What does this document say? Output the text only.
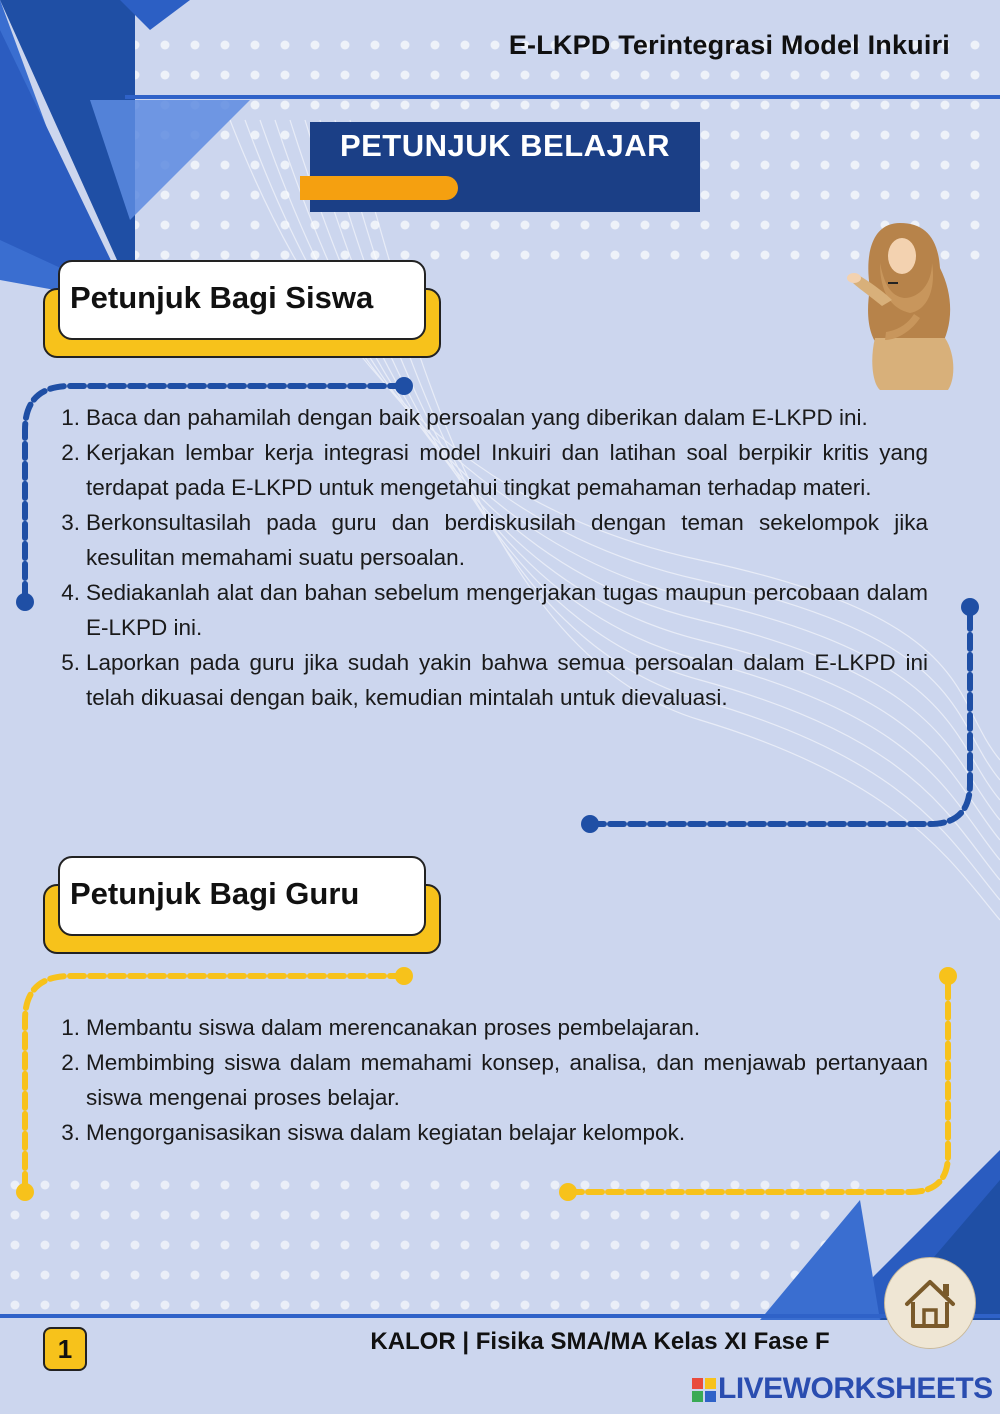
E-LKPD Terintegrasi Model Inkuiri
PETUNJUK BELAJAR
Petunjuk Bagi Siswa
1. Baca dan pahamilah dengan baik persoalan yang diberikan dalam E-LKPD ini.
2. Kerjakan lembar kerja integrasi model Inkuiri dan latihan soal berpikir kritis yang terdapat pada E-LKPD untuk mengetahui tingkat pemahaman terhadap materi.
3. Berkonsultasilah pada guru dan berdiskusilah dengan teman sekelompok jika kesulitan memahami suatu persoalan.
4. Sediakanlah alat dan bahan sebelum mengerjakan tugas maupun percobaan dalam E-LKPD ini.
5. Laporkan pada guru jika sudah yakin bahwa semua persoalan dalam E-LKPD ini telah dikuasai dengan baik, kemudian mintalah untuk dievaluasi.
Petunjuk Bagi Guru
1. Membantu siswa dalam merencanakan proses pembelajaran.
2. Membimbing siswa dalam memahami konsep, analisa, dan menjawab pertanyaan siswa mengenai proses belajar.
3. Mengorganisasikan siswa dalam kegiatan belajar kelompok.
1	KALOR | Fisika SMA/MA Kelas XI Fase F
LIVEWORKSHEETS
